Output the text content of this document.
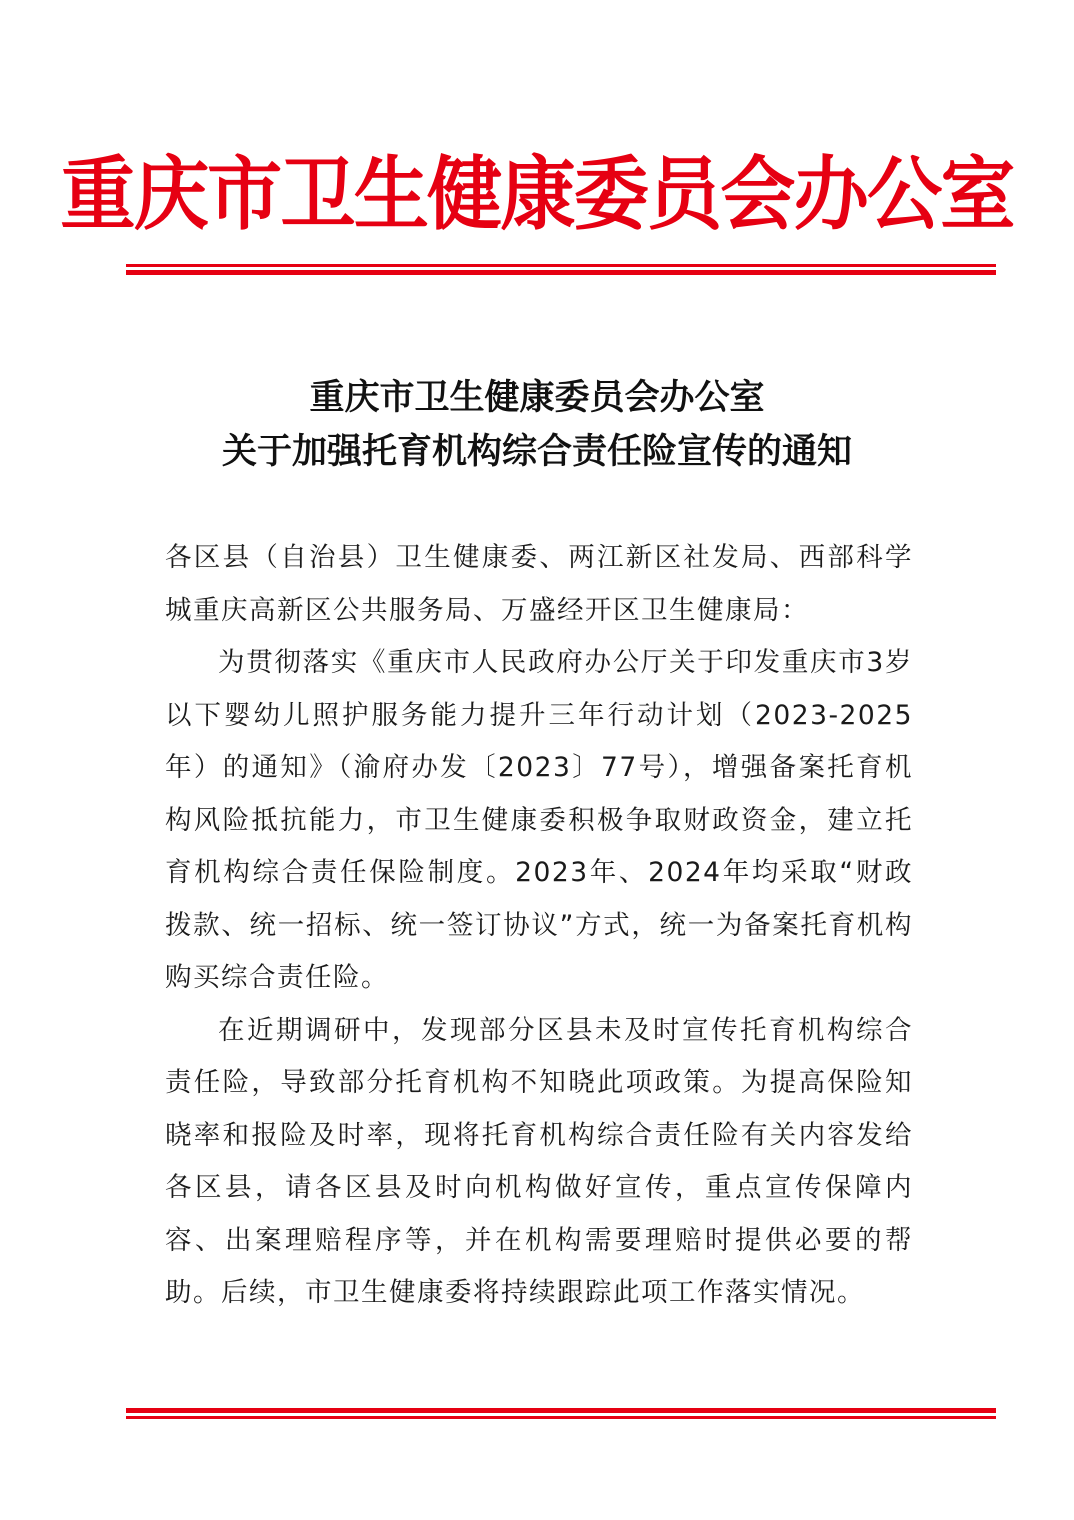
重庆市卫生健康委员会办公室
重庆市卫生健康委员会办公室
关于加强托育机构综合责任险宣传的通知

各区县（自治县）卫生健康委、两江新区社发局、西部科学城重庆高新区公共服务局、万盛经开区卫生健康局：

为贯彻落实《重庆市人民政府办公厅关于印发重庆市3岁以下婴幼儿照护服务能力提升三年行动计划（2023-2025年）的通知》（渝府办发〔2023〕77号），增强备案托育机构风险抵抗能力，市卫生健康委积极争取财政资金，建立托育机构综合责任保险制度。2023年、2024年均采取“财政拨款、统一招标、统一签订协议”方式，统一为备案托育机构购买综合责任险。

在近期调研中，发现部分区县未及时宣传托育机构综合责任险，导致部分托育机构不知晓此项政策。为提高保险知晓率和报险及时率，现将托育机构综合责任险有关内容发给各区县，请各区县及时向机构做好宣传，重点宣传保障内容、出案理赔程序等，并在机构需要理赔时提供必要的帮助。后续，市卫生健康委将持续跟踪此项工作落实情况。
